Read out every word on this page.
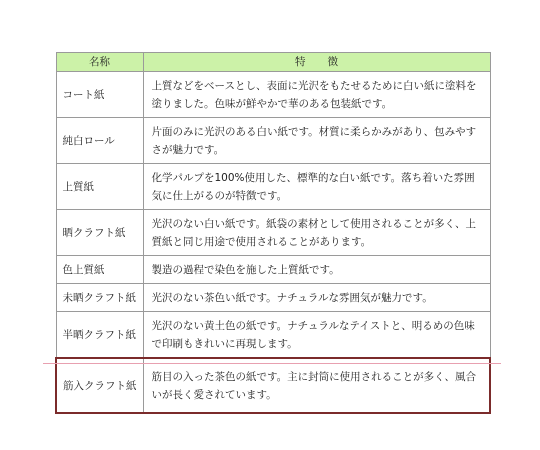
名称	特徴
コート紙	上質などをベースとし、表面に光沢をもたせるために白い紙に塗料を塗りました。色味が鮮やかで華のある包装紙です。
純白ロール	片面のみに光沢のある白い紙です。材質に柔らかみがあり、包みやすさが魅力です。
上質紙	化学パルプを100%使用した、標準的な白い紙です。落ち着いた雰囲気に仕上がるのが特徴です。
晒クラフト紙	光沢のない白い紙です。紙袋の素材として使用されることが多く、上質紙と同じ用途で使用されることがあります。
色上質紙	製造の過程で染色を施した上質紙です。
未晒クラフト紙	光沢のない茶色い紙です。ナチュラルな雰囲気が魅力です。
半晒クラフト紙	光沢のない黄土色の紙です。ナチュラルなテイストと、明るめの色味で印刷もきれいに再現します。
筋入クラフト紙	筋目の入った茶色の紙です。主に封筒に使用されることが多く、風合いが長く愛されています。
